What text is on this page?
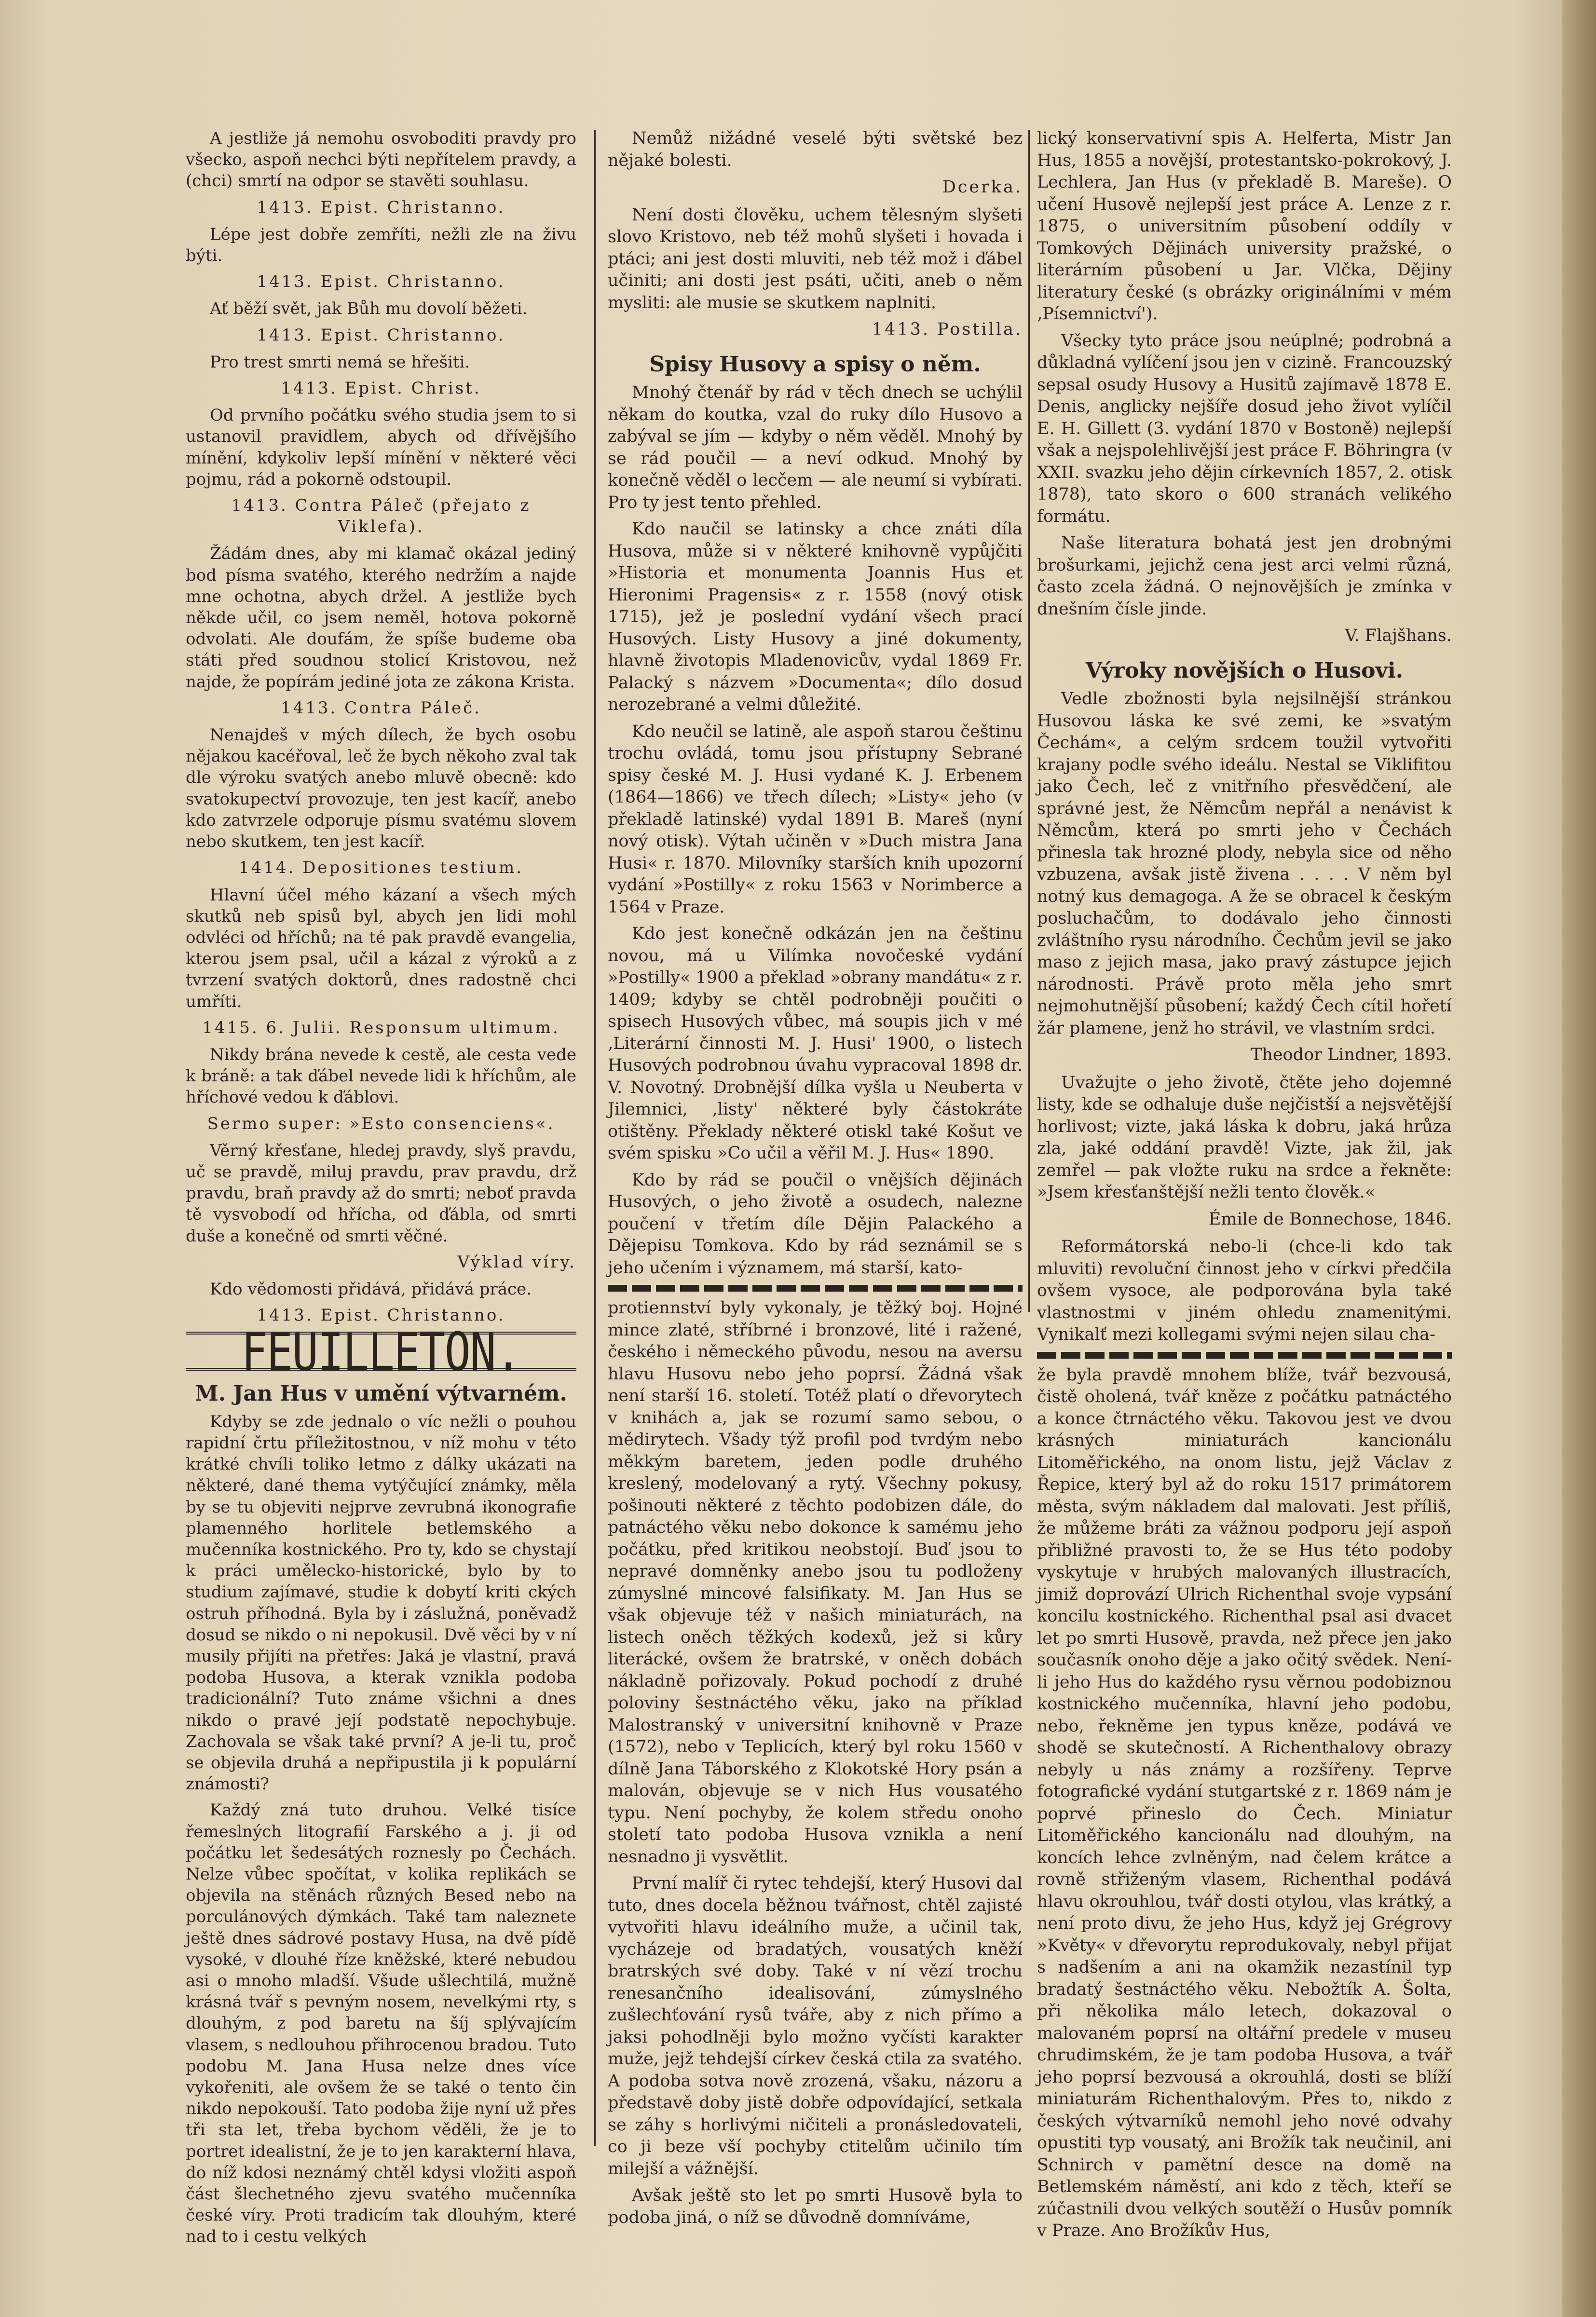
A jestliže já nemohu osvoboditi pravdy pro všecko, aspoň nechci býti nepřítelem pravdy, a (chci) smrtí na odpor se stavěti souhlasu.

1413. Epist. Christanno.

Lépe jest dobře zemříti, nežli zle na živu býti.

1413. Epist. Christanno.

Ať běží svět, jak Bůh mu dovolí běžeti.

1413. Epist. Christanno.

Pro trest smrti nemá se hřešiti.

1413. Epist. Christ.

Od prvního počátku svého studia jsem to si ustanovil pravidlem, abych od dřívějšího mínění, kdykoliv lepší mínění v některé věci pojmu, rád a pokorně odstoupil.

1413. Contra Páleč (přejato z Viklefa).

Žádám dnes, aby mi klamač okázal jediný bod písma svatého, kterého nedržím a najde mne ochotna, abych držel. A jestliže bych někde učil, co jsem neměl, hotova pokorně odvolati. Ale doufám, že spíše budeme oba státi před soudnou stolicí Kristovou, než najde, že popírám jediné jota ze zákona Krista.

1413. Contra Páleč.

Nenajdeš v mých dílech, že bych osobu nějakou kacéřoval, leč že bych někoho zval tak dle výroku svatých anebo mluvě obecně: kdo svatokupectví provozuje, ten jest kacíř, anebo kdo zatvrzele odporuje písmu svatému slovem nebo skutkem, ten jest kacíř.

1414. Depositiones testium.

Hlavní účel mého kázaní a všech mých skutků neb spisů byl, abych jen lidi mohl odvléci od hříchů; na té pak pravdě evangelia, kterou jsem psal, učil a kázal z výroků a z tvrzení svatých doktorů, dnes radostně chci umříti.

1415. 6. Julii. Responsum ultimum.

Nikdy brána nevede k cestě, ale cesta vede k bráně: a tak ďábel nevede lidi k hříchům, ale hříchové vedou k ďáblovi.

Sermo super: »Esto consenciens«.

Věrný křesťane, hledej pravdy, slyš pravdu, uč se pravdě, miluj pravdu, prav pravdu, drž pravdu, braň pravdy až do smrti; neboť pravda tě vysvobodí od hřícha, od ďábla, od smrti duše a konečně od smrti věčné.

Výklad víry.

Kdo vědomosti přidává, přidává práce.

1413. Epist. Christanno.

FEUILLETON.
M. Jan Hus v umění výtvarném.

Kdyby se zde jednalo o víc nežli o pouhou rapidní črtu příležitostnou, v níž mohu v této krátké chvíli toliko letmo z dálky ukázati na některé, dané thema vytýčující známky, měla by se tu objeviti nejprve zevrubná ikonografie plamenného horlitele betlemského a mučenníka kostnického. Pro ty, kdo se chystají k práci umělecko-historické, bylo by to studium zajímavé, studie k dobytí kriti ckých ostruh příhodná. Byla by i záslužná, poněvadž dosud se nikdo o ni nepokusil. Dvě věci by v ní musily přijíti na přetřes: Jaká je vlastní, pravá podoba Husova, a kterak vznikla podoba tradicionální? Tuto známe všichni a dnes nikdo o pravé její podstatě nepochybuje. Zachovala se však také první? A je-li tu, proč se objevila druhá a nepřipustila ji k populární známosti?

Každý zná tuto druhou. Velké tisíce řemeslných litografií Farského a j. ji od počátku let šedesátých roznesly po Čechách. Nelze vůbec spočítat, v kolika replikách se objevila na stěnách různých Besed nebo na porculánových dýmkách. Také tam naleznete ještě dnes sádrové postavy Husa, na dvě pídě vysoké, v dlouhé říze kněžské, které nebudou asi o mnoho mladší. Všude ušlechtilá, mužně krásná tvář s pevným nosem, nevelkými rty, s dlouhým, z pod baretu na šíj splývajícím vlasem, s nedlouhou přihrocenou bradou. Tuto podobu M. Jana Husa nelze dnes více vykořeniti, ale ovšem že se také o tento čin nikdo nepokouší. Tato podoba žije nyní už přes tři sta let, třeba bychom věděli, že je to portret idealistní, že je to jen karakterní hlava, do níž kdosi neznámý chtěl kdysi vložiti aspoň část šlechetného zjevu svatého mučenníka české víry. Proti tradicím tak dlouhým, které nad to i cestu velkých

Nemůž nižádné veselé býti světské bez nějaké bolesti.

Dcerka.

Není dosti člověku, uchem tělesným slyšeti slovo Kristovo, neb též mohů slyšeti i hovada i ptáci; ani jest dosti mluviti, neb též mož i ďábel učiniti; ani dosti jest psáti, učiti, aneb o něm mysliti: ale musie se skutkem naplniti.

1413. Postilla.

Spisy Husovy a spisy o něm.

Mnohý čtenář by rád v těch dnech se uchýlil někam do koutka, vzal do ruky dílo Husovo a zabýval se jím — kdyby o něm věděl. Mnohý by se rád poučil — a neví odkud. Mnohý by konečně věděl o lecčem — ale neumí si vybírati. Pro ty jest tento přehled.

Kdo naučil se latinsky a chce znáti díla Husova, může si v některé knihovně vypůjčiti »Historia et monumenta Joannis Hus et Hieronimi Pragensis« z r. 1558 (nový otisk 1715), jež je poslední vydání všech prací Husových. Listy Husovy a jiné dokumenty, hlavně životopis Mladenovicův, vydal 1869 Fr. Palacký s názvem »Documenta«; dílo dosud nerozebrané a velmi důležité.

Kdo neučil se latině, ale aspoň starou češtinu trochu ovládá, tomu jsou přístupny Sebrané spisy české M. J. Husi vydané K. J. Erbenem (1864—1866) ve třech dílech; »Listy« jeho (v překladě latinské) vydal 1891 B. Mareš (nyní nový otisk). Výtah učiněn v »Duch mistra Jana Husi« r. 1870. Milovníky starších knih upozorní vydání »Postilly« z roku 1563 v Norimberce a 1564 v Praze.

Kdo jest konečně odkázán jen na češtinu novou, má u Vilímka novočeské vydání »Postilly« 1900 a překlad »obrany mandátu« z r. 1409; kdyby se chtěl podrobněji poučiti o spisech Husových vůbec, má soupis jich v mé ‚Literární činnosti M. J. Husi' 1900, o listech Husových podrobnou úvahu vypracoval 1898 dr. V. Novotný. Drobnější dílka vyšla u Neuberta v Jilemnici, ‚listy' některé byly částokráte otištěny. Překlady některé otiskl také Košut ve svém spisku »Co učil a věřil M. J. Hus« 1890.

Kdo by rád se poučil o vnějších dějinách Husových, o jeho životě a osudech, nalezne poučení v třetím díle Dějin Palackého a Dějepisu Tomkova. Kdo by rád seznámil se s jeho učením i významem, má starší, kato-

protiennství byly vykonaly, je těžký boj. Hojné mince zlaté, stříbrné i bronzové, lité i ražené, českého i německého původu, nesou na aversu hlavu Husovu nebo jeho poprsí. Žádná však není starší 16. století. Totéž platí o dřevorytech v knihách a, jak se rozumí samo sebou, o mědirytech. Všady týž profil pod tvrdým nebo měkkým baretem, jeden podle druhého kreslený, modelovaný a rytý. Všechny pokusy, pošinouti některé z těchto podobizen dále, do patnáctého věku nebo dokonce k samému jeho počátku, před kritikou neobstojí. Buď jsou to nepravé domněnky anebo jsou tu podloženy zúmyslné mincové falsifikaty. M. Jan Hus se však objevuje též v našich miniaturách, na listech oněch těžkých kodexů, jež si kůry literácké, ovšem že bratrské, v oněch dobách nákladně pořizovaly. Pokud pochodí z druhé poloviny šestnáctého věku, jako na příklad Malostranský v universitní knihovně v Praze (1572), nebo v Teplicích, který byl roku 1560 v dílně Jana Táborského z Klokotské Hory psán a malován, objevuje se v nich Hus vousatého typu. Není pochyby, že kolem středu onoho století tato podoba Husova vznikla a není nesnadno ji vysvětlit.

První malíř či rytec tehdejší, který Husovi dal tuto, dnes docela běžnou tvářnost, chtěl zajisté vytvořiti hlavu ideálního muže, a učinil tak, vycházeje od bradatých, vousatých kněží bratrských své doby. Také v ní vězí trochu renesančního idealisování, zúmyslného zušlechťování rysů tváře, aby z nich přímo a jaksi pohodlněji bylo možno vyčísti karakter muže, jejž tehdejší církev česká ctila za svatého. A podoba sotva nově zrozená, všaku, názoru a představě doby jistě dobře odpovídající, setkala se záhy s horlivými ničiteli a pronásledovateli, co ji beze vší pochyby ctitelům učinilo tím milejší a vážnější.

Avšak ještě sto let po smrti Husově byla to podoba jiná, o níž se důvodně domníváme,

lický konservativní spis A. Helferta, Mistr Jan Hus, 1855 a novější, protestantsko-pokrokový, J. Lechlera, Jan Hus (v překladě B. Mareše). O učení Husově nejlepší jest práce A. Lenze z r. 1875, o universitním působení oddíly v Tomkových Dějinách university pražské, o literárním působení u Jar. Vlčka, Dějiny literatury české (s obrázky originálními v mém ‚Písemnictví').

Všecky tyto práce jsou neúplné; podrobná a důkladná vylíčení jsou jen v cizině. Francouzský sepsal osudy Husovy a Husitů zajímavě 1878 E. Denis, anglicky nejšíře dosud jeho život vylíčil E. H. Gillett (3. vydání 1870 v Bostoně) nejlepší však a nejspolehlivější jest práce F. Böhringra (v XXII. svazku jeho dějin církevních 1857, 2. otisk 1878), tato skoro o 600 stranách velikého formátu.

Naše literatura bohatá jest jen drobnými brošurkami, jejichž cena jest arci velmi různá, často zcela žádná. O nejnovějších je zmínka v dnešním čísle jinde.

V. Flajšhans.

Výroky novějších o Husovi.

Vedle zbožnosti byla nejsilnější stránkou Husovou láska ke své zemi, ke »svatým Čechám«, a celým srdcem toužil vytvořiti krajany podle svého ideálu. Nestal se Viklifitou jako Čech, leč z vnitřního přesvědčení, ale správné jest, že Němcům nepřál a nenávist k Němcům, která po smrti jeho v Čechách přinesla tak hrozné plody, nebyla sice od něho vzbuzena, avšak jistě živena . . . . V něm byl notný kus demagoga. A že se obracel k českým posluchačům, to dodávalo jeho činnosti zvláštního rysu národního. Čechům jevil se jako maso z jejich masa, jako pravý zástupce jejich národnosti. Právě proto měla jeho smrt nejmohutnější působení; každý Čech cítil hořetí žár plamene, jenž ho strávil, ve vlastním srdci.

Theodor Lindner, 1893.

Uvažujte o jeho životě, čtěte jeho dojemné listy, kde se odhaluje duše nejčistší a nejsvětější horlivost; vizte, jaká láska k dobru, jaká hrůza zla, jaké oddání pravdě! Vizte, jak žil, jak zemřel — pak vložte ruku na srdce a řekněte: »Jsem křesťanštější nežli tento člověk.«

Émile de Bonnechose, 1846.

Reformátorská nebo-li (chce-li kdo tak mluviti) revoluční činnost jeho v církvi předčila ovšem vysoce, ale podporována byla také vlastnostmi v jiném ohledu znamenitými. Vynikalť mezi kollegami svými nejen silau cha-

že byla pravdě mnohem blíže, tvář bezvousá, čistě oholená, tvář kněze z počátku patnáctého a konce čtrnáctého věku. Takovou jest ve dvou krásných miniaturách kancionálu Litoměřického, na onom listu, jejž Václav z Řepice, který byl až do roku 1517 primátorem města, svým nákladem dal malovati. Jest příliš, že můžeme bráti za vážnou podporu její aspoň přibližné pravosti to, že se Hus této podoby vyskytuje v hrubých malovaných illustracích, jimiž doprovází Ulrich Richenthal svoje vypsání koncilu kostnického. Richenthal psal asi dvacet let po smrti Husově, pravda, než přece jen jako současník onoho děje a jako očitý svědek. Není-li jeho Hus do každého rysu věrnou podobiznou kostnického mučenníka, hlavní jeho podobu, nebo, řekněme jen typus kněze, podává ve shodě se skutečností. A Richenthalovy obrazy nebyly u nás známy a rozšířeny. Teprve fotografické vydání stutgartské z r. 1869 nám je poprvé přineslo do Čech. Miniatur Litoměřického kancionálu nad dlouhým, na koncích lehce zvlněným, nad čelem krátce a rovně střiženým vlasem, Richenthal podává hlavu okrouhlou, tvář dosti otylou, vlas krátký, a není proto divu, že jeho Hus, když jej Grégrovy »Květy« v dřevorytu reprodukovaly, nebyl přijat s nadšením a ani na okamžik nezastínil typ bradatý šestnáctého věku. Nebožtík A. Šolta, při několika málo letech, dokazoval o malovaném poprsí na oltářní predele v museu chrudimském, že je tam podoba Husova, a tvář jeho poprsí bezvousá a okrouhlá, dosti se blíží miniaturám Richenthalovým. Přes to, nikdo z českých výtvarníků nemohl jeho nové odvahy opustiti typ vousatý, ani Brožík tak neučinil, ani Schnirch v pamětní desce na domě na Betlemském náměstí, ani kdo z těch, kteří se zúčastnili dvou velkých soutěží o Husův pomník v Praze. Ano Brožíkův Hus,
